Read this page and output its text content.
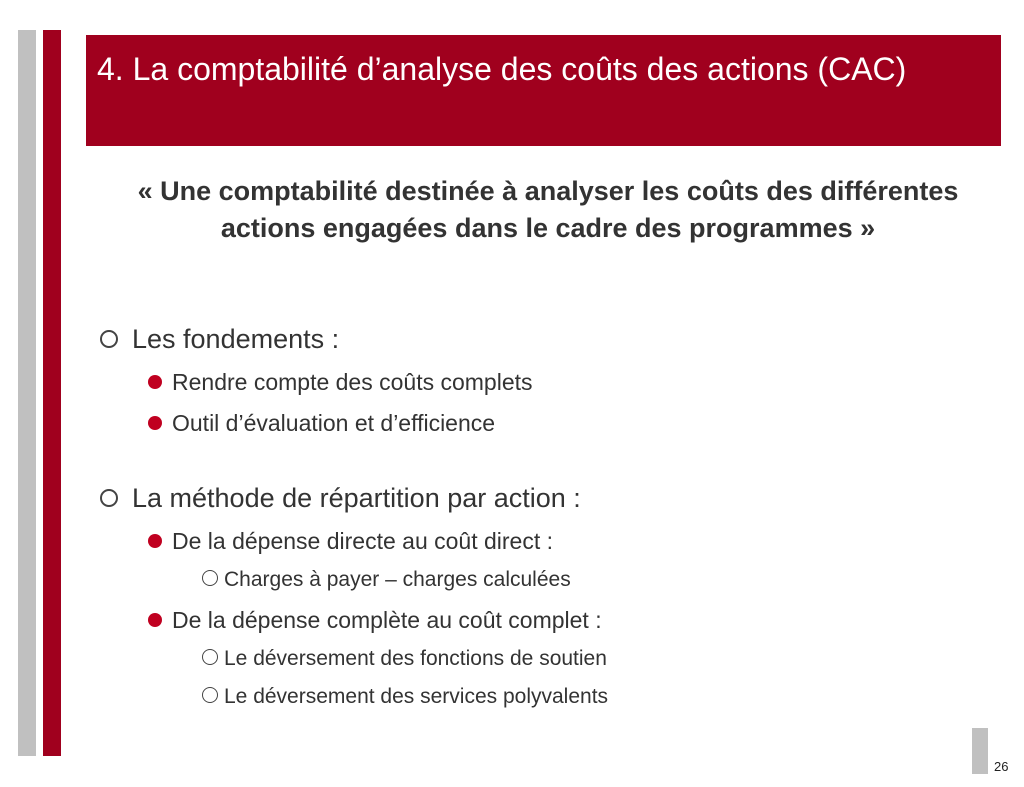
4. La comptabilité d’analyse des coûts des actions (CAC)

« Une comptabilité destinée à analyser les coûts des différentes actions engagées dans le cadre des programmes »

Les fondements :
Rendre compte des coûts complets
Outil d’évaluation et d’efficience
La méthode de répartition par action :
De la dépense directe au coût direct :
Charges à payer – charges calculées
De la dépense complète au coût complet :
Le déversement des fonctions de soutien
Le déversement des services polyvalents
26
